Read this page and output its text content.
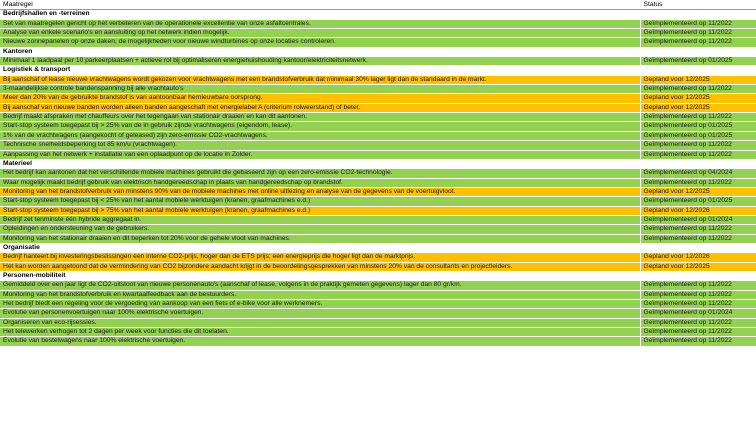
Maatregel	Status
Bedrijfshallen en -terreinen	
Set van maatregelen gericht op het verbeteren van de operationele excellentie van onze asfaltcentrales.	Geïmplementeerd op 11/2022
Analyse van enkele scenario's en aansluiting op het netwerk indien mogelijk.	Geïmplementeerd op 11/2022
Nieuwe zonnepanelen op onze daken, de mogelijkheden voor nieuwe windturbines op onze locaties controleren.	Geïmplementeerd op 11/2022
Kantoren	
Minimaal 1 laadpaal per 10 parkeerplaatsen + actieve rol bij optimaliseren energiehuishouding kantoor/elektriciteitsnetwerk.	Geïmplementeerd op 01/2025
Logistiek & transport	
Bij aanschaf of lease nieuwe vrachtwagens wordt gekozen voor vrachtwagens met een brandstofverbruik dat minimaal 30% lager ligt dan de standaard in de markt.	Gepland voor 12/2025
3-maandelijkse controle bandenspanning bij alle vrachtauto's	Geïmplementeerd op 11/2022
Meer dan 20% van de gebruikte brandstof is van aantoonbaar hernieuwbare oorsprong.	Gepland voor 12/2025
Bij aanschaf van nieuwe banden worden alleen banden aangeschaft met energielabel A (criterium rolweerstand) of beter.	Gepland voor 12/2025
Bedrijf maakt afspraken met chauffeurs over het tegengaan van stationair draaien en kan dit aantonen.	Geïmplementeerd op 11/2022
Start-stop systeem toegepast bij > 25% van de in gebruik zijnde vrachtwagens (eigendom, lease).	Geïmplementeerd op 01/2025
1% van de vrachtwagens (aangekocht of geleased) zijn zero-emissie CO2-vrachtwagens.	Geïmplementeerd op 01/2025
Technische snelheidsbeperking tot 85 km/u (vrachtwagen).	Geïmplementeerd op 11/2022
Aanpassing van het netwerk + installatie van een oplaadpunt op de locatie in Zolder.	Geïmplementeerd op 11/2022
Materieel	
Het bedrijf kan aantonen dat het verschillende mobiele machines gebruikt die gebaseerd zijn op een zero-emissie CO2-technologie.	Geïmplementeerd op 04/2024
Waar mogelijk maakt bedrijf gebruik van elektrisch handgereedschap in plaats van handgereedschap op brandstof.	Geïmplementeerd op 11/2022
Monitoring van het brandstofverbruik van minstens 90% van de mobiele machines met online uitlezing en analyse van de gegevens van de voertuigvloot.	Gepland voor 12/2025
Start-stop systeem toegepast bij < 25% van het aantal mobiele werktuigen (kranen, graafmachines e.d.)	Geïmplementeerd op 01/2025
Start-stop systeem toegepast bij > 75% van het aantal mobiele werktuigen (kranen, graafmachines e.d.)	Gepland voor 12/2026
Bedrijf zet tenminste één hybride aggregaat in.	Geïmplementeerd op 01/2024
Opleidingen en ondersteuning van de gebruikers.	Geïmplementeerd op 11/2022
Monitoring van het stationair draaien en dit beperken tot 20% voor de gehele vloot van machines.	Geïmplementeerd op 11/2022
Organisatie	
Bedrijf hanteert bij investeringsbeslissingen een interne CO2-prijs, hoger dan de ETS prijs; een energieprijs die hoger ligt dan de marktprijs.	Gepland voor 12/2026
Het kan worden aangetoond dat de vermindering van CO2 bijzondere aandacht krijgt in de beoordelingsgesprekken van minstens 20% van de consultants en projectleiders.	Gepland voor 12/2025
Personen-mobiliteit	
Gemiddeld over een jaar ligt de CO2-uitstoot van nieuwe personenauto's (aanschaf of lease, volgens in de praktijk gemeten gegevens) lager dan 80 gr/km.	Geïmplementeerd op 11/2022
Monitoring van het brandstofverbruik en kwartaalfeedback aan de bestuurders.	Geïmplementeerd op 11/2022
Het bedrijf biedt een regeling voor de vergoeding van aankoop van een fiets of e-bike voor alle werknemers.	Geïmplementeerd op 11/2022
Evolutie van personenvoertuigen naar 100% elektrische voertuigen.	Geïmplementeerd op 01/2024
Organiseren van eco-rijsessies.	Geïmplementeerd op 11/2022
Het telewerken verhogen tot 2 dagen per week voor functies die dit toelaten.	Geïmplementeerd op 11/2022
Evolutie van bestelwagens naar 100% elektrische voertuigen.	Geïmplementeerd op 11/2022
